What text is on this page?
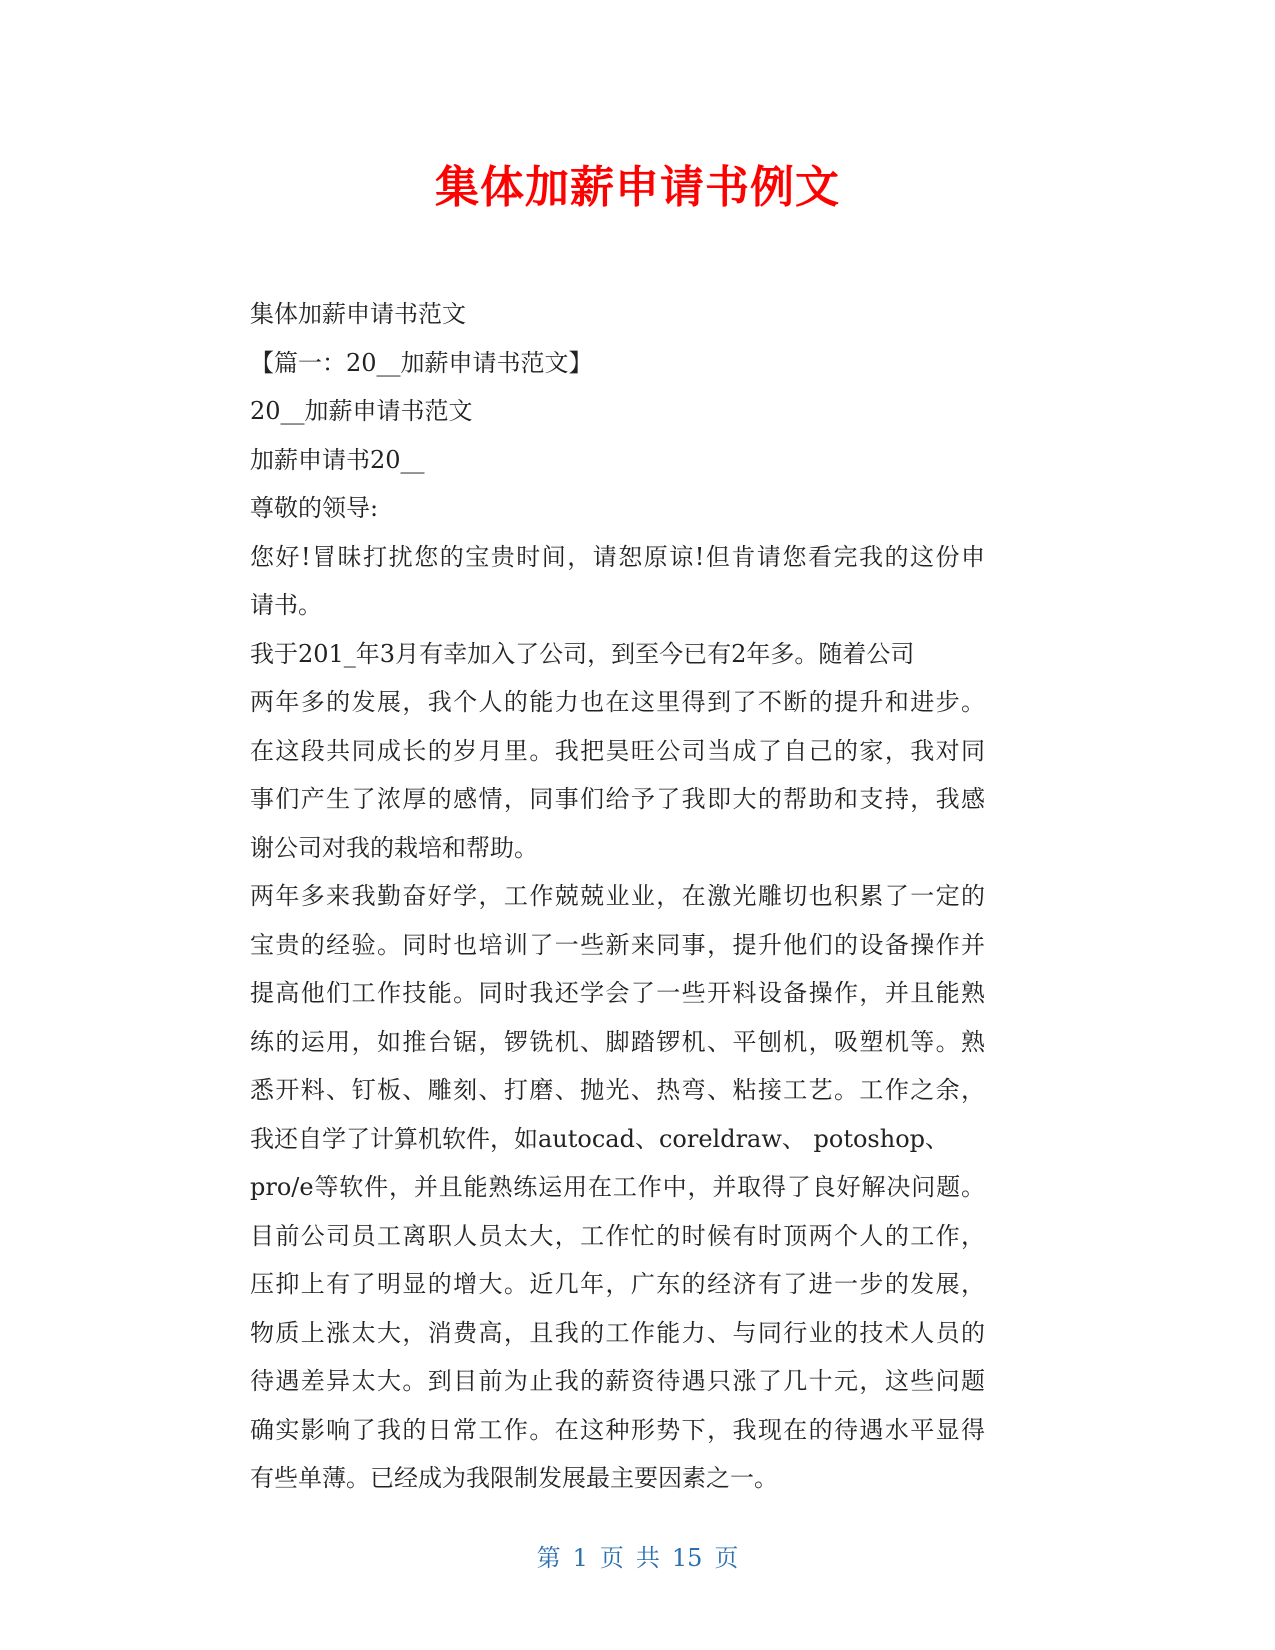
集体加薪申请书例文
集体加薪申请书范文
【篇一：20__加薪申请书范文】
20__加薪申请书范文
加薪申请书20__
尊敬的领导:
您好!冒昧打扰您的宝贵时间，请恕原谅!但肯请您看完我的这份申
请书。
我于201_年3月有幸加入了公司，到至今已有2年多。随着公司
两年多的发展，我个人的能力也在这里得到了不断的提升和进步。
在这段共同成长的岁月里。我把昊旺公司当成了自己的家，我对同
事们产生了浓厚的感情，同事们给予了我即大的帮助和支持，我感
谢公司对我的栽培和帮助。
两年多来我勤奋好学，工作兢兢业业，在激光雕切也积累了一定的
宝贵的经验。同时也培训了一些新来同事，提升他们的设备操作并
提高他们工作技能。同时我还学会了一些开料设备操作，并且能熟
练的运用，如推台锯，锣铣机、脚踏锣机、平刨机，吸塑机等。熟
悉开料、钉板、雕刻、打磨、抛光、热弯、粘接工艺。工作之余，
我还自学了计算机软件，如autocad、coreldraw、 potoshop、
pro/e等软件，并且能熟练运用在工作中，并取得了良好解决问题。
目前公司员工离职人员太大，工作忙的时候有时顶两个人的工作，
压抑上有了明显的增大。近几年，广东的经济有了进一步的发展，
物质上涨太大，消费高，且我的工作能力、与同行业的技术人员的
待遇差异太大。到目前为止我的薪资待遇只涨了几十元，这些问题
确实影响了我的日常工作。在这种形势下，我现在的待遇水平显得
有些单薄。已经成为我限制发展最主要因素之一。
第 1 页 共 15 页
